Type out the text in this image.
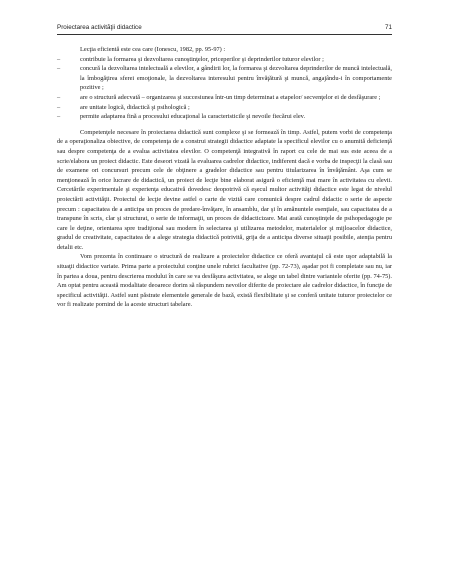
Proiectarea activităţii didactice	71

Lecţia eficientă este cea care (Ionescu, 1982, pp. 95-97) :

–	contribuie la formarea şi dezvoltarea cunoştinţelor, priceperilor şi deprinderilor tuturor elevilor ;
–	concură la dezvoltarea intelectuală a elevilor, a gândirii lor, la formarea şi dezvoltarea deprinderilor de muncă intelectuală, la îmbogăţirea sferei emoţionale, la dezvoltarea interesului pentru învăţătură şi muncă, angajându-i în comportamente pozitive ;
–	are o structură adecvată – organizarea şi succesiunea într-un timp determinat a etapelor/ secvenţelor ei de desfăşurare ;
–	are unitate logică, didactică şi psihologică ;
–	permite adaptarea fină a procesului educaţional la caracteristicile şi nevoile fiecărui elev.

Competenţele necesare în proiectarea didactică sunt complexe şi se formează în timp. Astfel, putem vorbi de competenţa de a operaţionaliza obiective, de competenţa de a construi strategii didactice adaptate la specificul elevilor cu o anumită deficienţă sau despre competenţa de a evalua activitatea elevilor. O competenţă integrativă în raport cu cele de mai sus este aceea de a scrie/elabora un proiect didactic. Este deseori vizată la evaluarea cadrelor didactice, indiferent dacă e vorba de inspecţii la clasă sau de examene ori concursuri precum cele de obţinere a gradelor didactice sau pentru titularizarea în învăţământ. Aşa cum se menţionează în orice lucrare de didactică, un proiect de lecţie bine elaborat asigură o eficienţă mai mare în activitatea cu elevii. Cercetările experimentale şi experienţa educativă dovedesc deopotrivă că eşecul multor activităţi didactice este legat de nivelul proiectării activităţii. Proiectul de lecţie devine astfel o carte de vizită care comunică despre cadrul didactic o serie de aspecte precum : capacitatea de a anticipa un proces de predare-învăţare, în ansamblu, dar şi în amănuntele esenţiale, sau capacitatea de a transpune în scris, clar şi structurat, o serie de informaţii, un proces de didacticizare. Mai arată cunoştinţele de psihopedagogie pe care le deţine, orientarea spre tradiţional sau modern în selectarea şi utilizarea metodelor, materialelor şi mijloacelor didactice, gradul de creativitate, capacitatea de a alege strategia didactică potrivită, grija de a anticipa diverse situaţii posibile, atenţia pentru detalii etc.

Vom prezenta în continuare o structură de realizare a proiectelor didactice ce oferă avantajul că este uşor adaptabilă la situaţii didactice variate. Prima parte a proiectului conţine unele rubrici facultative (pp. 72-73), aşadar pot fi completate sau nu, iar în partea a doua, pentru descrierea modului în care se va desfăşura activitatea, se alege un tabel dintre variantele oferite (pp. 74-75). Am optat pentru această modalitate deoarece dorim să răspundem nevoilor diferite de proiectare ale cadrelor didactice, în funcţie de specificul activităţii. Astfel sunt păstrate elementele generale de bază, există flexibilitate şi se conferă unitate tuturor proiectelor ce vor fi realizate pornind de la aceste structuri tabelare.
